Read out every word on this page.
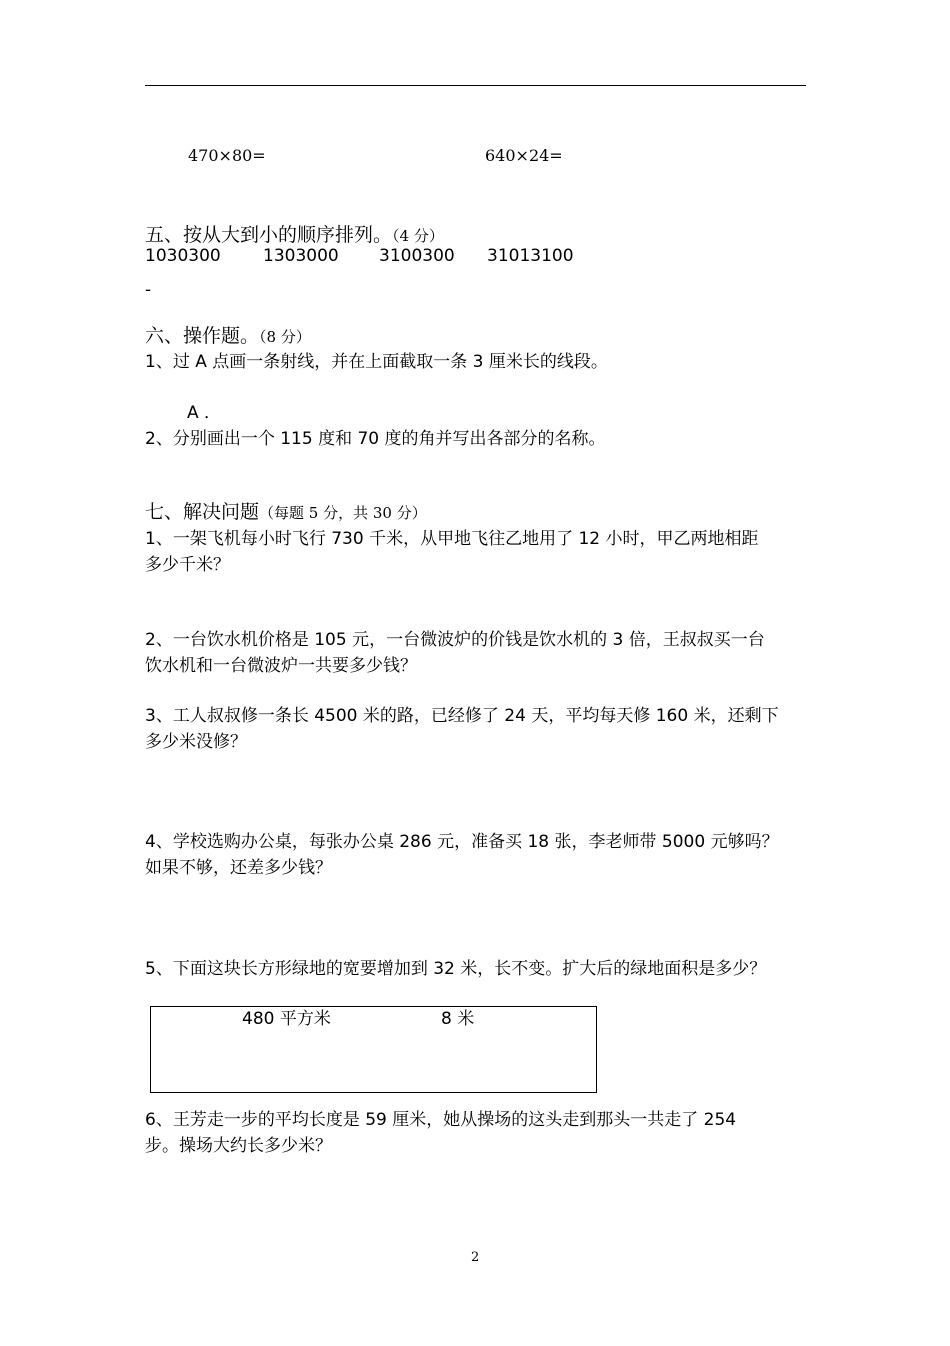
470×80=	640×24=
五、按从大到小的顺序排列。（4 分）
1030300 1303000 3100300 31013100
-
六、操作题。（8 分）
1、过 A 点画一条射线，并在上面截取一条 3 厘米长的线段。
A ．
2、分别画出一个 115 度和 70 度的角并写出各部分的名称。
七、解决问题（每题 5 分，共 30 分）
1、一架飞机每小时飞行 730 千米，从甲地飞往乙地用了 12 小时，甲乙两地相距
多少千米？
2、一台饮水机价格是 105 元，一台微波炉的价钱是饮水机的 3 倍，王叔叔买一台
饮水机和一台微波炉一共要多少钱？
3、工人叔叔修一条长 4500 米的路，已经修了 24 天，平均每天修 160 米，还剩下
多少米没修？
4、学校选购办公桌，每张办公桌 286 元，准备买 18 张，李老师带 5000 元够吗？
如果不够，还差多少钱？
5、下面这块长方形绿地的宽要增加到 32 米，长不变。扩大后的绿地面积是多少？
480 平方米	8 米
6、王芳走一步的平均长度是 59 厘米，她从操场的这头走到那头一共走了 254
步。操场大约长多少米？
2
